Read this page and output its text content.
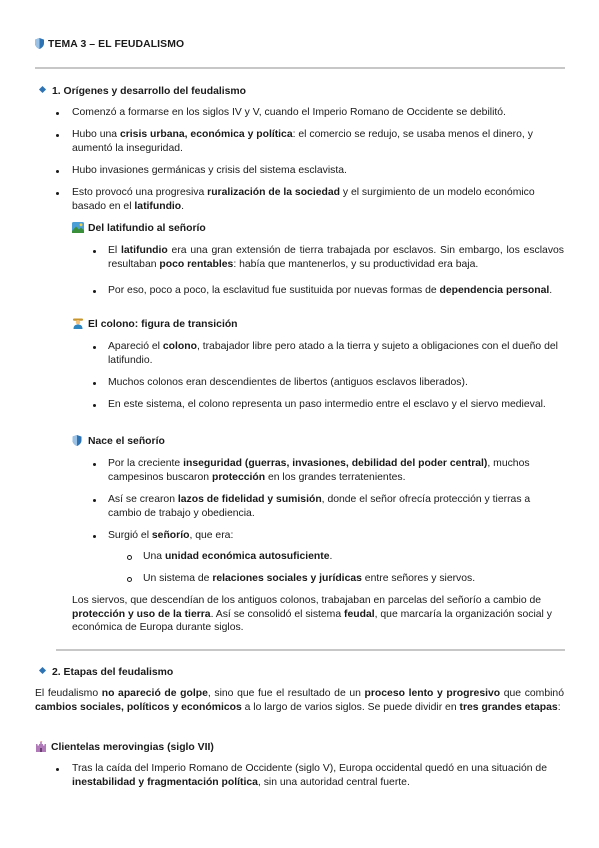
TEMA 3 – EL FEUDALISMO
1. Orígenes y desarrollo del feudalismo
Comenzó a formarse en los siglos IV y V, cuando el Imperio Romano de Occidente se debilitó.
Hubo una crisis urbana, económica y política: el comercio se redujo, se usaba menos el dinero, y aumentó la inseguridad.
Hubo invasiones germánicas y crisis del sistema esclavista.
Esto provocó una progresiva ruralización de la sociedad y el surgimiento de un modelo económico basado en el latifundio.
Del latifundio al señorío
El latifundio era una gran extensión de tierra trabajada por esclavos. Sin embargo, los esclavos resultaban poco rentables: había que mantenerlos, y su productividad era baja.
Por eso, poco a poco, la esclavitud fue sustituida por nuevas formas de dependencia personal.
El colono: figura de transición
Apareció el colono, trabajador libre pero atado a la tierra y sujeto a obligaciones con el dueño del latifundio.
Muchos colonos eran descendientes de libertos (antiguos esclavos liberados).
En este sistema, el colono representa un paso intermedio entre el esclavo y el siervo medieval.
Nace el señorío
Por la creciente inseguridad (guerras, invasiones, debilidad del poder central), muchos campesinos buscaron protección en los grandes terratenientes.
Así se crearon lazos de fidelidad y sumisión, donde el señor ofrecía protección y tierras a cambio de trabajo y obediencia.
Surgió el señorío, que era:
Una unidad económica autosuficiente.
Un sistema de relaciones sociales y jurídicas entre señores y siervos.
Los siervos, que descendían de los antiguos colonos, trabajaban en parcelas del señorío a cambio de protección y uso de la tierra. Así se consolidó el sistema feudal, que marcaría la organización social y económica de Europa durante siglos.
2. Etapas del feudalismo
El feudalismo no apareció de golpe, sino que fue el resultado de un proceso lento y progresivo que combinó cambios sociales, políticos y económicos a lo largo de varios siglos. Se puede dividir en tres grandes etapas:
Clientelas merovingias (siglo VII)
Tras la caída del Imperio Romano de Occidente (siglo V), Europa occidental quedó en una situación de inestabilidad y fragmentación política, sin una autoridad central fuerte.
